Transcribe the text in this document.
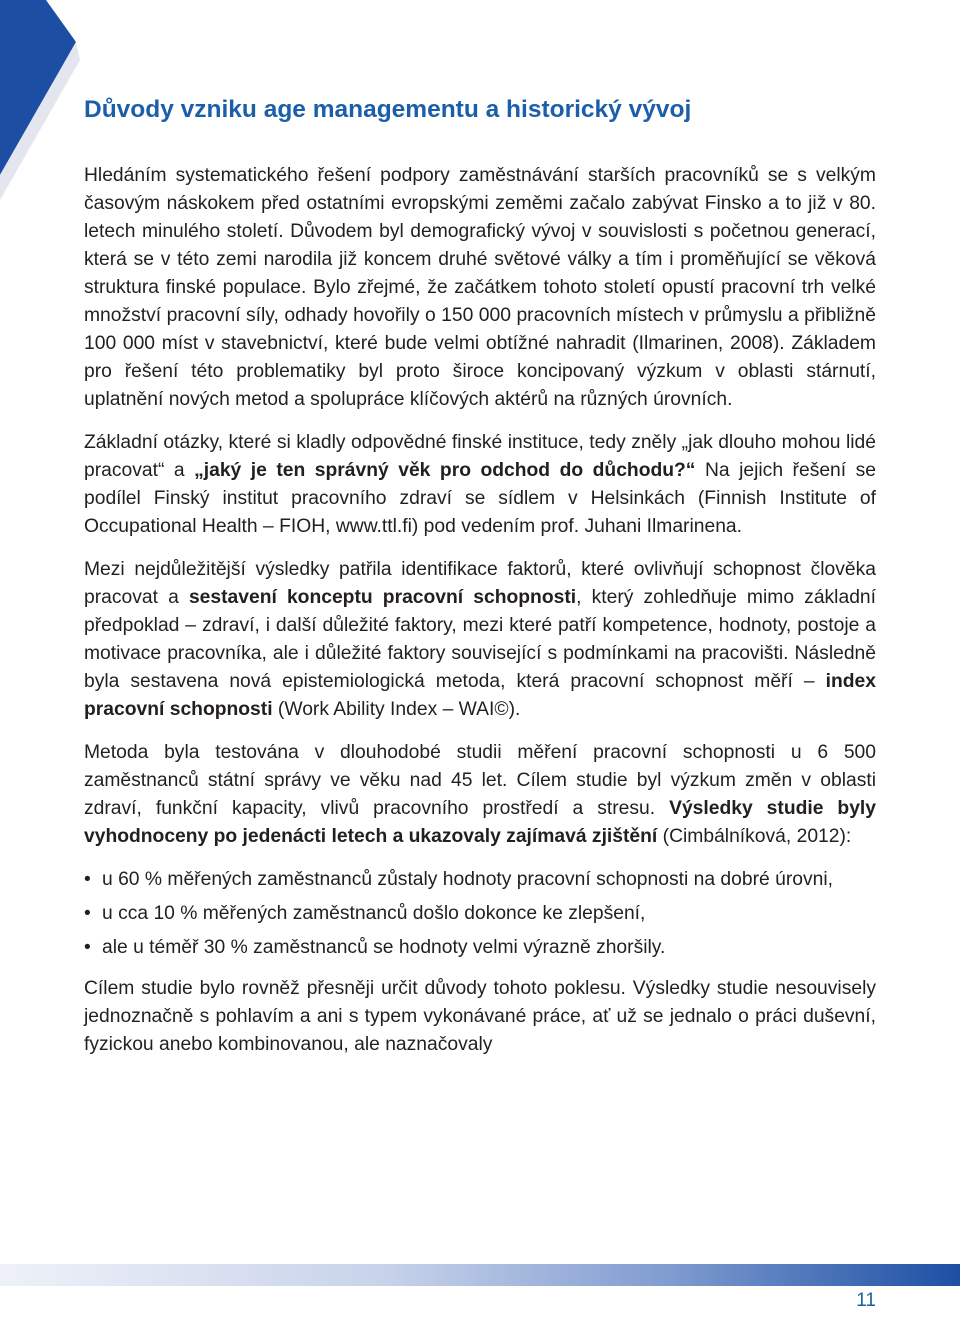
Důvody vzniku age managementu a historický vývoj

Hledáním systematického řešení podpory zaměstnávání starších pracovníků se s velkým časovým náskokem před ostatními evropskými zeměmi začalo zabývat Finsko a to již v 80. letech minulého století. Důvodem byl demografický vývoj v souvislosti s početnou generací, která se v této zemi narodila již koncem druhé světové války a tím i proměňující se věková struktura finské populace. Bylo zřejmé, že začátkem tohoto století opustí pracovní trh velké množství pracovní síly, odhady hovořily o 150 000 pracovních místech v průmyslu a přibližně 100 000 míst v stavebnictví, které bude velmi obtížné nahradit (Ilmarinen, 2008). Základem pro řešení této problematiky byl proto široce koncipovaný výzkum v oblasti stárnutí, uplatnění nových metod a spolupráce klíčových aktérů na různých úrovních.

Základní otázky, které si kladly odpovědné finské instituce, tedy zněly „jak dlouho mohou lidé pracovat“ a „jaký je ten správný věk pro odchod do důchodu?“ Na jejich řešení se podílel Finský institut pracovního zdraví se sídlem v Helsinkách (Finnish Institute of Occupational Health – FIOH, www.ttl.fi) pod vedením prof. Juhani Ilmarinena.

Mezi nejdůležitější výsledky patřila identifikace faktorů, které ovlivňují schopnost člověka pracovat a sestavení konceptu pracovní schopnosti, který zohledňuje mimo základní předpoklad – zdraví, i další důležité faktory, mezi které patří kompetence, hodnoty, postoje a motivace pracovníka, ale i důležité faktory související s podmínkami na pracovišti. Následně byla sestavena nová epistemiologická metoda, která pracovní schopnost měří – index pracovní schopnosti (Work Ability Index – WAI©).

Metoda byla testována v dlouhodobé studii měření pracovní schopnosti u 6 500 zaměstnanců státní správy ve věku nad 45 let. Cílem studie byl výzkum změn v oblasti zdraví, funkční kapacity, vlivů pracovního prostředí a stresu. Výsledky studie byly vyhodnoceny po jedenácti letech a ukazovaly zajímavá zjištění (Cimbálníková, 2012):

• u 60 % měřených zaměstnanců zůstaly hodnoty pracovní schopnosti na dobré úrovni,
• u cca 10 % měřených zaměstnanců došlo dokonce ke zlepšení,
• ale u téměř 30 % zaměstnanců se hodnoty velmi výrazně zhoršily.

Cílem studie bylo rovněž přesněji určit důvody tohoto poklesu. Výsledky studie nesouvisely jednoznačně s pohlavím a ani s typem vykonávané práce, ať už se jednalo o práci duševní, fyzickou anebo kombinovanou, ale naznačovaly

11
